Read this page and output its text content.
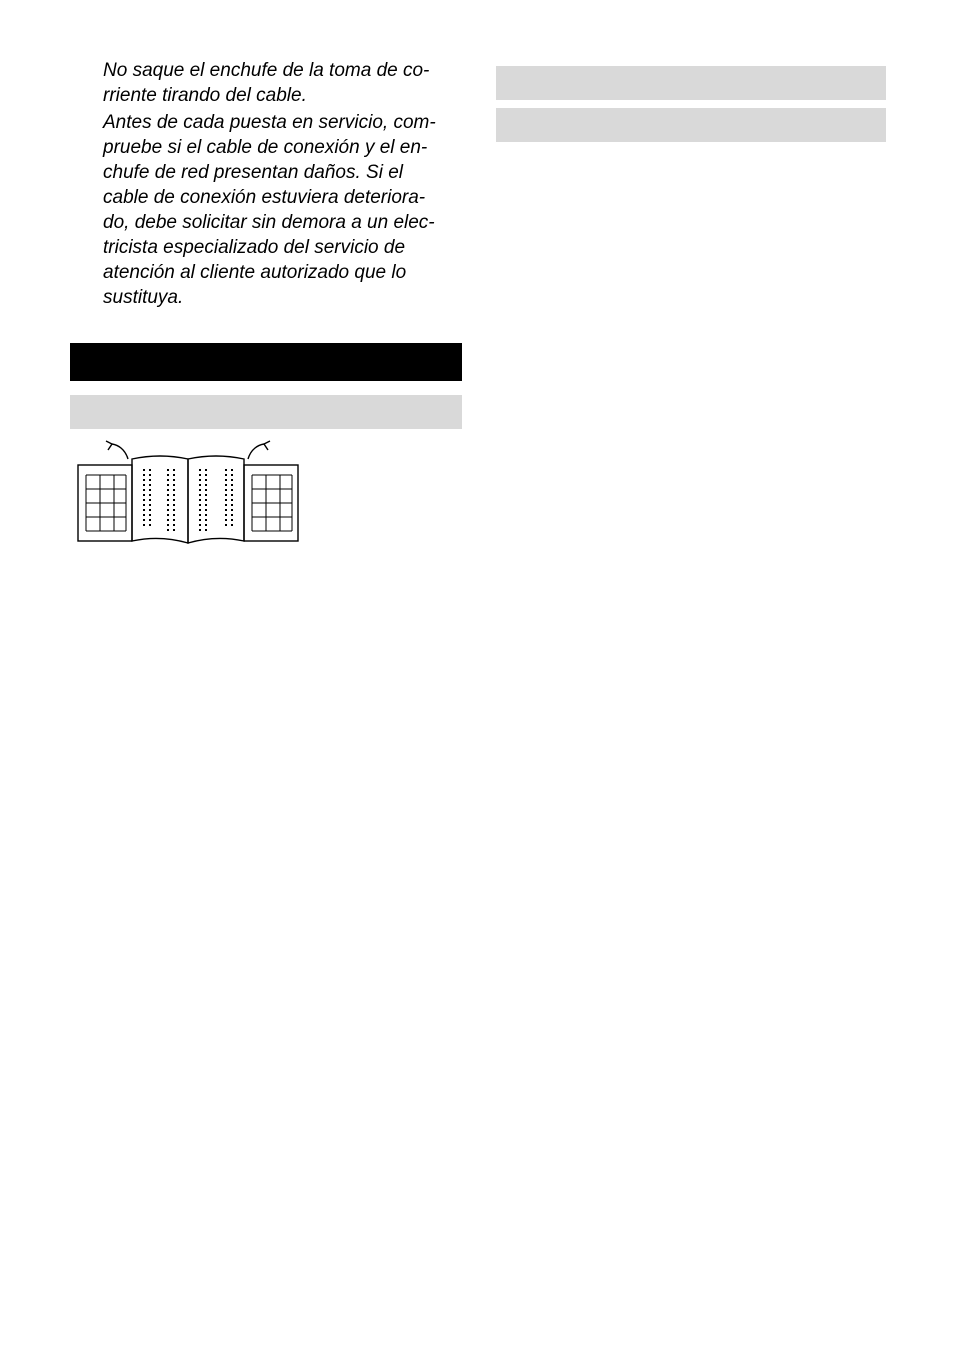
No saque el enchufe de la toma de co-
rriente tirando del cable.
Antes de cada puesta en servicio, com-
pruebe si el cable de conexión y el en-
chufe de red presentan daños. Si el
cable de conexión estuviera deteriora-
do, debe solicitar sin demora a un elec-
tricista especializado del servicio de
atención al cliente autorizado que lo
sustituya.
